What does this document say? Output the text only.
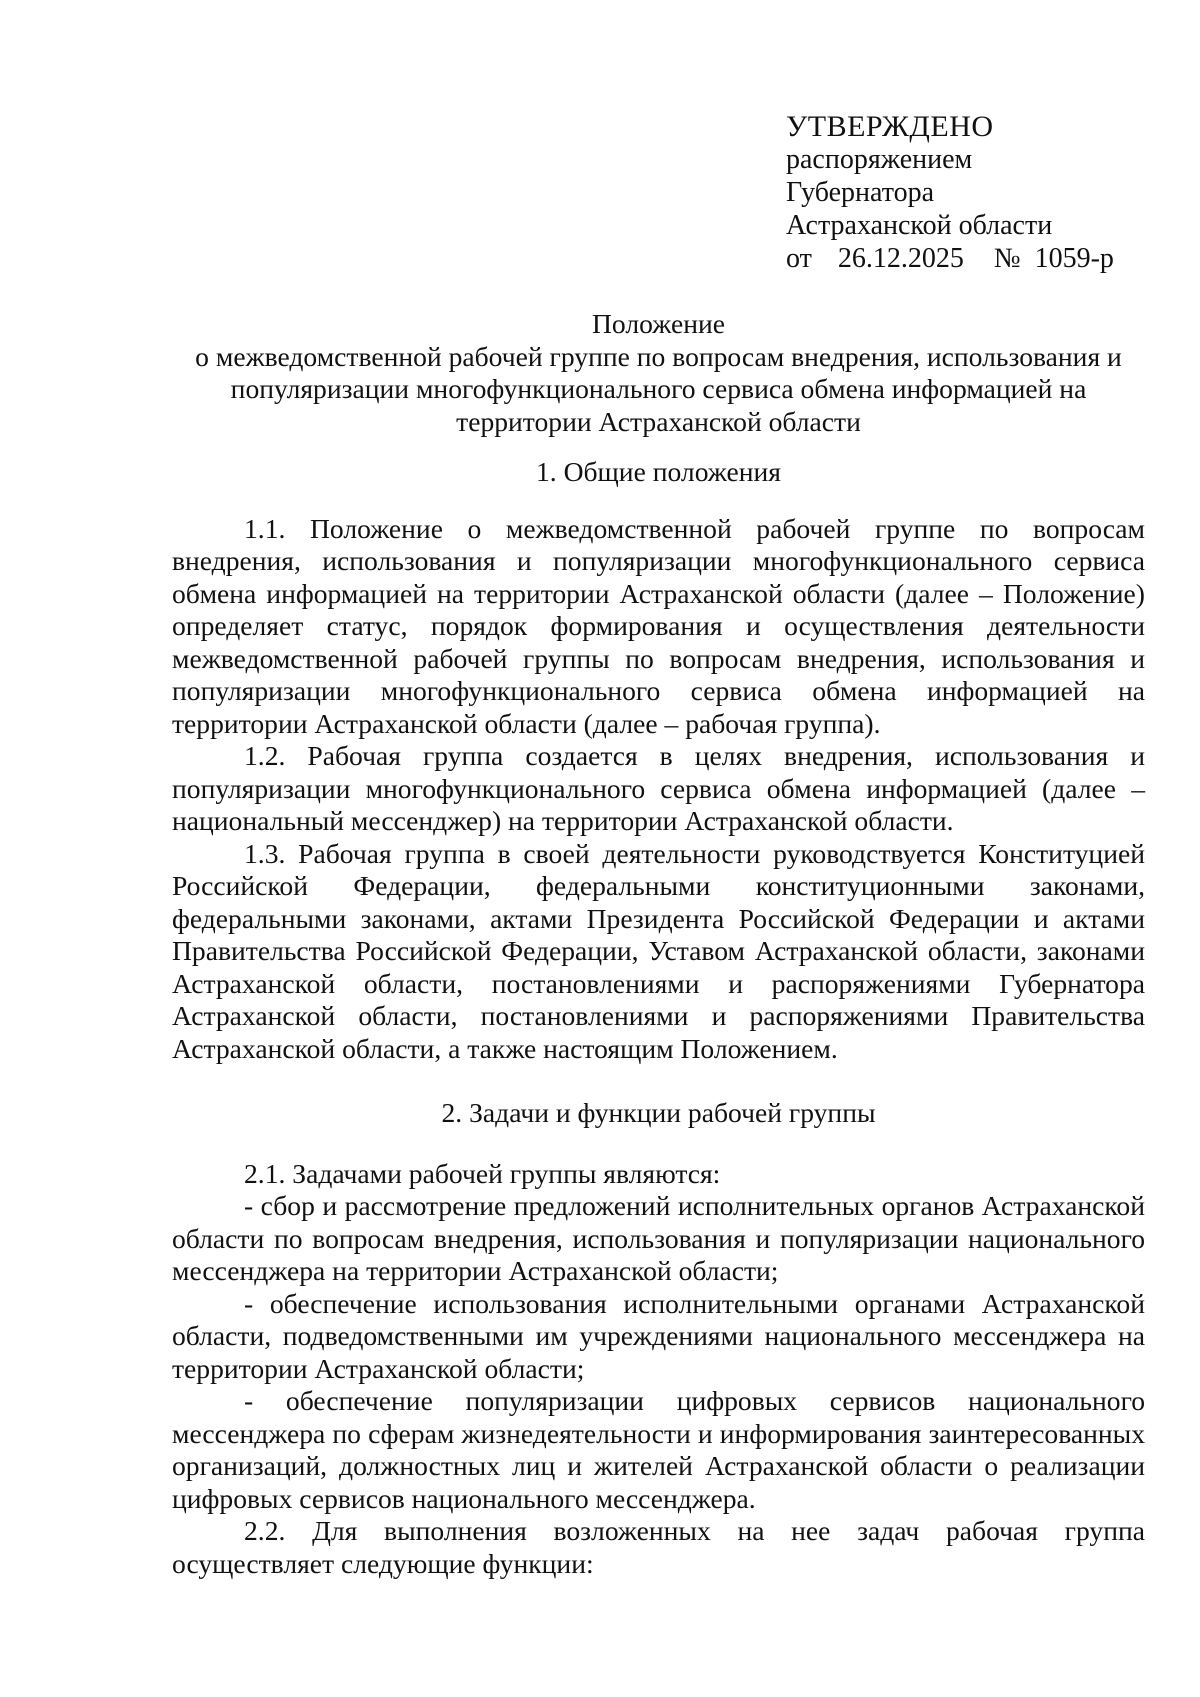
УТВЕРЖДЕНО
распоряжением
Губернатора
Астраханской области
от 26.12.2025 № 1059-р
Положение
о межведомственной рабочей группе по вопросам внедрения, использования и
популяризации многофункционального сервиса обмена информацией на
территории Астраханской области
1. Общие положения

1.1. Положение о межведомственной рабочей группе по вопросам внедрения, использования и популяризации многофункционального сервиса обмена информацией на территории Астраханской области (далее – Положение) определяет статус, порядок формирования и осуществления деятельности межведомственной рабочей группы по вопросам внедрения, использования и популяризации многофункционального сервиса обмена информацией на территории Астраханской области (далее – рабочая группа).

1.2. Рабочая группа создается в целях внедрения, использования и популяризации многофункционального сервиса обмена информацией (далее – национальный мессенджер) на территории Астраханской области.

1.3. Рабочая группа в своей деятельности руководствуется Конституцией Российской Федерации, федеральными конституционными законами, федеральными законами, актами Президента Российской Федерации и актами Правительства Российской Федерации, Уставом Астраханской области, законами Астраханской области, постановлениями и распоряжениями Губернатора Астраханской области, постановлениями и распоряжениями Правительства Астраханской области, а также настоящим Положением.

2. Задачи и функции рабочей группы

2.1. Задачами рабочей группы являются:

- сбор и рассмотрение предложений исполнительных органов Астраханской области по вопросам внедрения, использования и популяризации национального мессенджера на территории Астраханской области;

- обеспечение использования исполнительными органами Астраханской области, подведомственными им учреждениями национального мессенджера на территории Астраханской области;

- обеспечение популяризации цифровых сервисов национального мессенджера по сферам жизнедеятельности и информирования заинтересованных организаций, должностных лиц и жителей Астраханской области о реализации цифровых сервисов национального мессенджера.

2.2. Для выполнения возложенных на нее задач рабочая группа осуществляет следующие функции:
